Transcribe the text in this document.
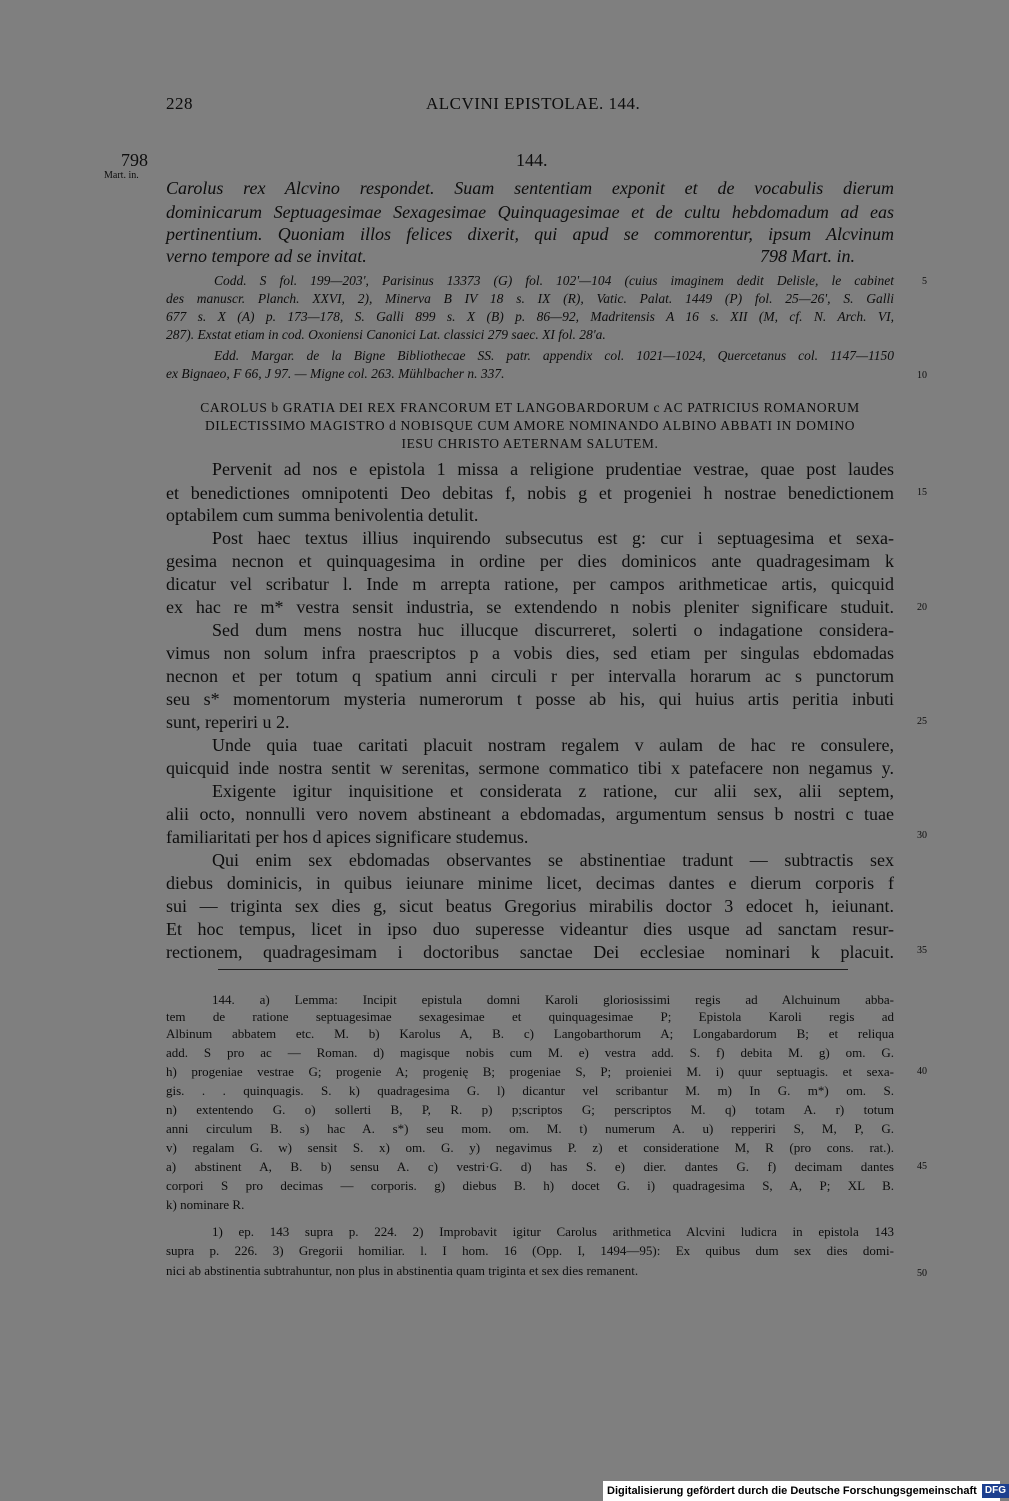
228	ALCVINI EPISTOLAE. 144.
798
Mart. in.
144.
Carolus rex Alcvino respondet. Suam sententiam exponit et de vocabulis dierum
dominicarum Septuagesimae Sexagesimae Quinquagesimae et de cultu hebdomadum ad eas
pertinentium. Quoniam illos felices dixerit, qui apud se commorentur, ipsum Alcvinum
verno tempore ad se invitat.	798 Mart. in.
Codd. S fol. 199—203', Parisinus 13373 (G) fol. 102'—104 (cuius imaginem dedit Delisle, le cabinet
des manuscr. Planch. XXVI, 2), Minerva B IV 18 s. IX (R), Vatic. Palat. 1449 (P) fol. 25—26', S. Galli
677 s. X (A) p. 173—178, S. Galli 899 s. X (B) p. 86—92, Madritensis A 16 s. XII (M, cf. N. Arch. VI,
287). Exstat etiam in cod. Oxoniensi Canonici Lat. classici 279 saec. XI fol. 28'a.
Edd. Margar. de la Bigne Bibliothecae SS. patr. appendix col. 1021—1024, Quercetanus col. 1147—1150
ex Bignaeo, F 66, J 97. — Migne col. 263. Mühlbacher n. 337.
CAROLUS b GRATIA DEI REX FRANCORUM ET LANGOBARDORUM c AC PATRICIUS ROMANORUM
DILECTISSIMO MAGISTRO d NOBISQUE CUM AMORE NOMINANDO ALBINO ABBATI IN DOMINO
IESU CHRISTO AETERNAM SALUTEM.
Pervenit ad nos e epistola 1 missa a religione prudentiae vestrae, quae post laudes
et benedictiones omnipotenti Deo debitas f, nobis g et progeniei h nostrae benedictionem
optabilem cum summa benivolentia detulit.
Post haec textus illius inquirendo subsecutus est g: cur i septuagesima et sexa-
gesima necnon et quinquagesima in ordine per dies dominicos ante quadragesimam k
dicatur vel scribatur l. Inde m arrepta ratione, per campos arithmeticae artis, quicquid
ex hac re m* vestra sensit industria, se extendendo n nobis pleniter significare studuit.
Sed dum mens nostra huc illucque discurreret, solerti o indagatione considera-
vimus non solum infra praescriptos p a vobis dies, sed etiam per singulas ebdomadas
necnon et per totum q spatium anni circuli r per intervalla horarum ac s punctorum
seu s* momentorum mysteria numerorum t posse ab his, qui huius artis peritia inbuti
sunt, reperiri u 2.
Unde quia tuae caritati placuit nostram regalem v aulam de hac re consulere,
quicquid inde nostra sentit w serenitas, sermone commatico tibi x patefacere non negamus y.
Exigente igitur inquisitione et considerata z ratione, cur alii sex, alii septem,
alii octo, nonnulli vero novem abstineant a ebdomadas, argumentum sensus b nostri c tuae
familiaritati per hos d apices significare studemus.
Qui enim sex ebdomadas observantes se abstinentiae tradunt — subtractis sex
diebus dominicis, in quibus ieiunare minime licet, decimas dantes e dierum corporis f
sui — triginta sex dies g, sicut beatus Gregorius mirabilis doctor 3 edocet h, ieiunant.
Et hoc tempus, licet in ipso duo superesse videantur dies usque ad sanctam resur-
rectionem, quadragesimam i doctoribus sanctae Dei ecclesiae nominari k placuit.
144. a) Lemma: Incipit epistula domni Karoli gloriosissimi regis ad Alchuinum abba-
tem de ratione septuagesimae sexagesimae et quinquagesimae P; Epistola Karoli regis ad
Albinum abbatem etc. M. b) Karolus A, B. c) Langobarthorum A; Longabardorum B; et reliqua
add. S pro ac — Roman. d) magisque nobis cum M. e) vestra add. S. f) debita M. g) om. G.
h) progeniae vestrae G; progenie A; progenię B; progeniae S, P; proieniei M. i) quur septuagis. et sexa-
gis. . . quinquagis. S. k) quadragesima G. l) dicantur vel scribantur M. m) In G. m*) om. S.
n) extentendo G. o) sollerti B, P, R. p) p;scriptos G; perscriptos M. q) totam A. r) totum
anni circulum B. s) hac A. s*) seu mom. om. M. t) numerum A. u) repperiri S, M, P, G.
v) regalam G. w) sensit S. x) om. G. y) negavimus P. z) et consideratione M, R (pro cons. rat.).
a) abstinent A, B. b) sensu A. c) vestri·G. d) has S. e) dier. dantes G. f) decimam dantes
corpori S pro decimas — corporis. g) diebus B. h) docet G. i) quadragesima S, A, P; XL B.
k) nominare R.
1) ep. 143 supra p. 224. 2) Improbavit igitur Carolus arithmetica Alcvini ludicra in epistola 143
supra p. 226. 3) Gregorii homiliar. l. I hom. 16 (Opp. I, 1494—95): Ex quibus dum sex dies domi-
nici ab abstinentia subtrahuntur, non plus in abstinentia quam triginta et sex dies remanent.
5
10
15
20
25
30
35
40
45
50
Digitalisierung gefördert durch die Deutsche Forschungsgemeinschaft DFG
